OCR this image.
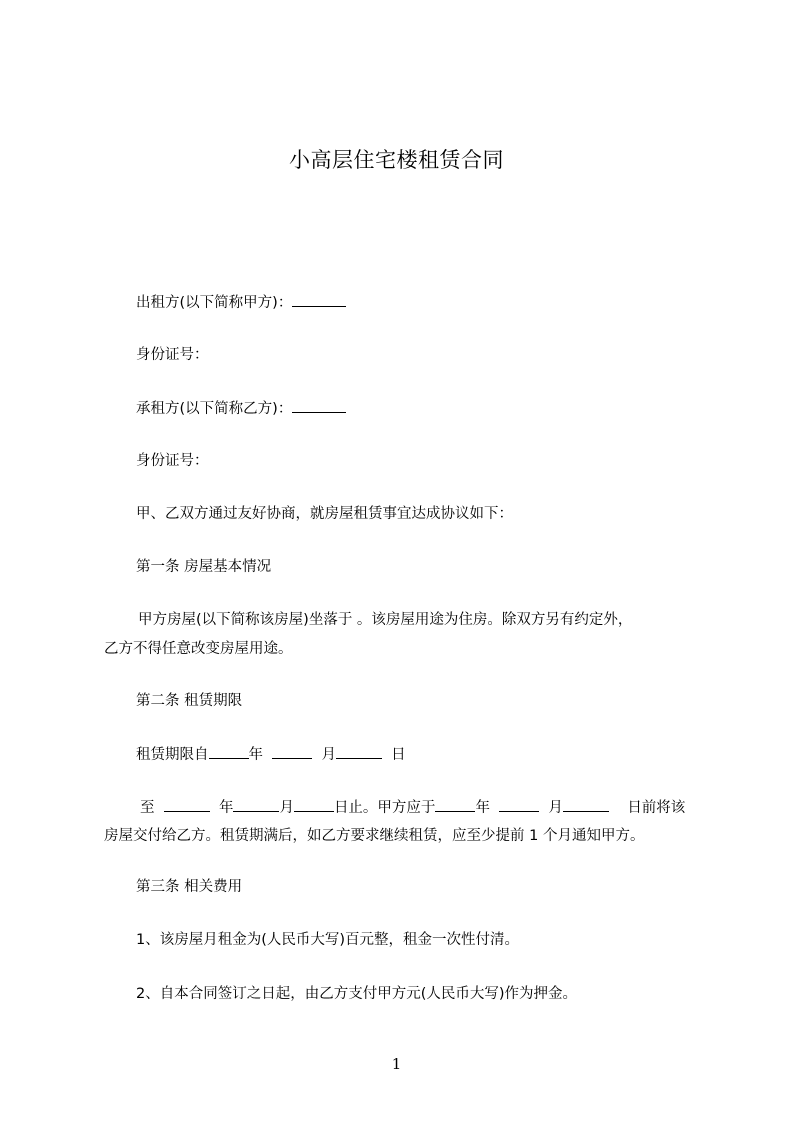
小高层住宅楼租赁合同
出租方(以下简称甲方)：
身份证号：
承租方(以下简称乙方)：
身份证号：
甲、乙双方通过友好协商，就房屋租赁事宜达成协议如下：
第一条 房屋基本情况
甲方房屋(以下简称该房屋)坐落于 。该房屋用途为住房。除双方另有约定外，
乙方不得任意改变房屋用途。
第二条 租赁期限
租赁期限自	年	月	日
至	年	月	日止。甲方应于	年	月	日前将该
房屋交付给乙方。租赁期满后，如乙方要求继续租赁，应至少提前 1 个月通知甲方。
第三条 相关费用
1、该房屋月租金为(人民币大写)百元整，租金一次性付清。
2、自本合同签订之日起，由乙方支付甲方元(人民币大写)作为押金。
1
